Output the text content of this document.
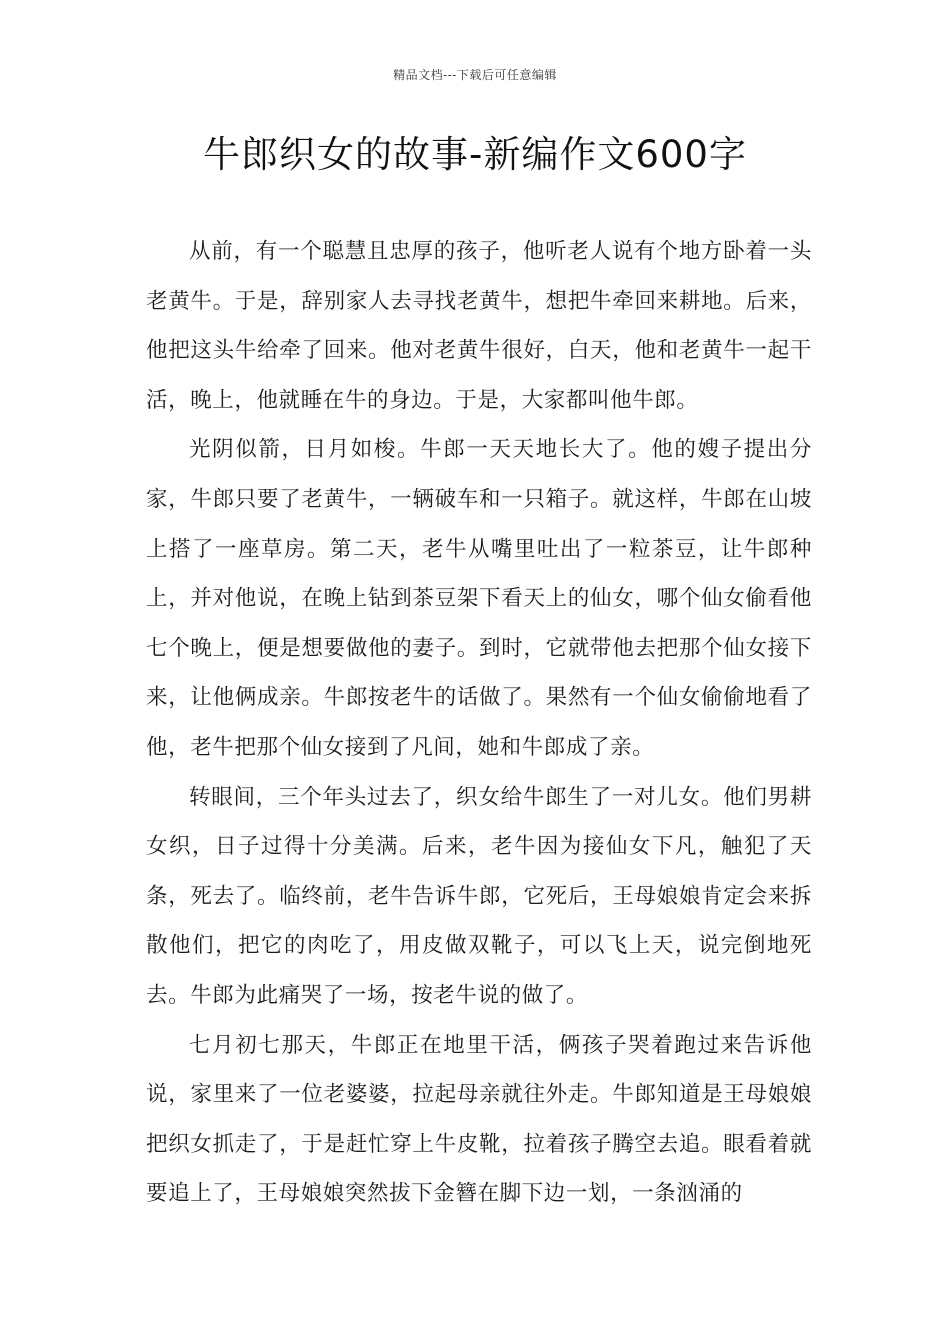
精品文档---下载后可任意编辑
牛郎织女的故事-新编作文600字

从前，有一个聪慧且忠厚的孩子，他听老人说有个地方卧着一头老黄牛。于是，辞别家人去寻找老黄牛，想把牛牵回来耕地。后来，他把这头牛给牵了回来。他对老黄牛很好，白天，他和老黄牛一起干活，晚上，他就睡在牛的身边。于是，大家都叫他牛郎。

光阴似箭，日月如梭。牛郎一天天地长大了。他的嫂子提出分家，牛郎只要了老黄牛，一辆破车和一只箱子。就这样，牛郎在山坡上搭了一座草房。第二天，老牛从嘴里吐出了一粒茶豆，让牛郎种上，并对他说，在晚上钻到茶豆架下看天上的仙女，哪个仙女偷看他七个晚上，便是想要做他的妻子。到时，它就带他去把那个仙女接下来，让他俩成亲。牛郎按老牛的话做了。果然有一个仙女偷偷地看了他，老牛把那个仙女接到了凡间，她和牛郎成了亲。

转眼间，三个年头过去了，织女给牛郎生了一对儿女。他们男耕女织，日子过得十分美满。后来，老牛因为接仙女下凡，触犯了天条，死去了。临终前，老牛告诉牛郎，它死后，王母娘娘肯定会来拆散他们，把它的肉吃了，用皮做双靴子，可以飞上天，说完倒地死去。牛郎为此痛哭了一场，按老牛说的做了。

七月初七那天，牛郎正在地里干活，俩孩子哭着跑过来告诉他说，家里来了一位老婆婆，拉起母亲就往外走。牛郎知道是王母娘娘把织女抓走了，于是赶忙穿上牛皮靴，拉着孩子腾空去追。眼看着就要追上了，王母娘娘突然拔下金簪在脚下边一划，一条汹涌的
